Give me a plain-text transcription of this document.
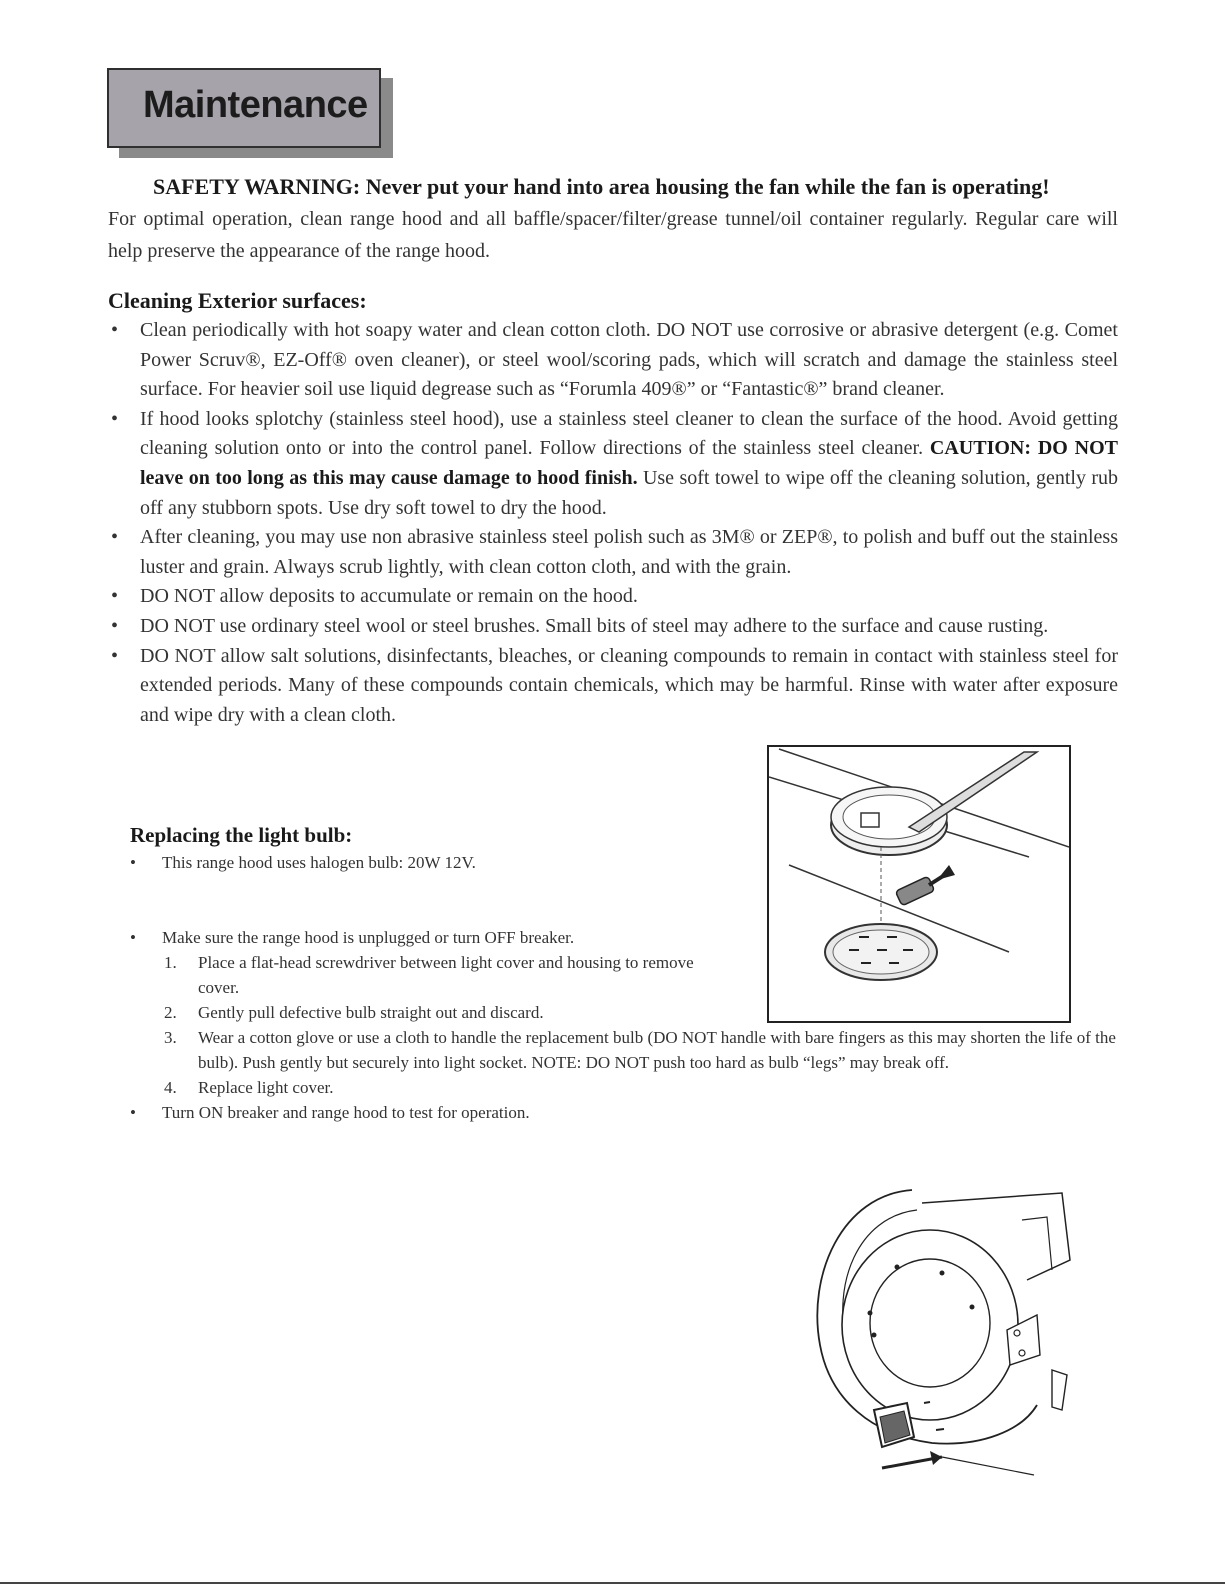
Maintenance
SAFETY WARNING: Never put your hand into area housing the fan while the fan is operating!
For optimal operation, clean range hood and all baffle/spacer/filter/grease tunnel/oil container regularly. Regular care will help preserve the appearance of the range hood.
Cleaning Exterior surfaces:
• Clean periodically with hot soapy water and clean cotton cloth. DO NOT use corrosive or abrasive detergent (e.g. Comet Power Scruv®, EZ-Off® oven cleaner), or steel wool/scoring pads, which will scratch and damage the stainless steel surface. For heavier soil use liquid degrease such as “Forumla 409®” or “Fantastic®” brand cleaner.
• If hood looks splotchy (stainless steel hood), use a stainless steel cleaner to clean the surface of the hood. Avoid getting cleaning solution onto or into the control panel. Follow directions of the stainless steel cleaner. CAUTION: DO NOT leave on too long as this may cause damage to hood finish. Use soft towel to wipe off the cleaning solution, gently rub off any stubborn spots. Use dry soft towel to dry the hood.
• After cleaning, you may use non abrasive stainless steel polish such as 3M® or ZEP®, to polish and buff out the stainless luster and grain. Always scrub lightly, with clean cotton cloth, and with the grain.
• DO NOT allow deposits to accumulate or remain on the hood.
• DO NOT use ordinary steel wool or steel brushes. Small bits of steel may adhere to the surface and cause rusting.
• DO NOT allow salt solutions, disinfectants, bleaches, or cleaning compounds to remain in contact with stainless steel for extended periods. Many of these compounds contain chemicals, which may be harmful. Rinse with water after exposure and wipe dry with a clean cloth.
Replacing the light bulb:
• This range hood uses halogen bulb: 20W 12V.
• Make sure the range hood is unplugged or turn OFF breaker.
1. Place a flat-head screwdriver between light cover and housing to remove cover.
2. Gently pull defective bulb straight out and discard.
3. Wear a cotton glove or use a cloth to handle the replacement bulb (DO NOT handle with bare fingers as this may shorten the life of the bulb). Push gently but securely into light socket. NOTE: DO NOT push too hard as bulb “legs” may break off.
4. Replace light cover.
• Turn ON breaker and range hood to test for operation.
